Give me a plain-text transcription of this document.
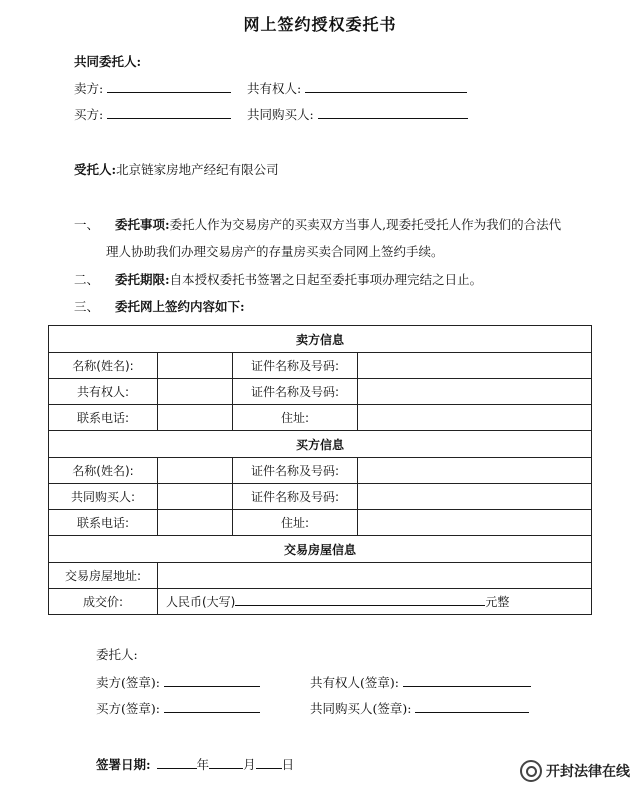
网上签约授权委托书
共同委托人:
卖方:	共有权人:
买方:	共同购买人:
受托人:北京链家房地产经纪有限公司
一、 委托事项:委托人作为交易房产的买卖双方当事人,现委托受托人作为我们的合法代
理人协助我们办理交易房产的存量房买卖合同网上签约手续。
二、 委托期限:自本授权委托书签署之日起至委托事项办理完结之日止。
三、 委托网上签约内容如下:
卖方信息			
名称(姓名):		证件名称及号码:	
共有权人:		证件名称及号码:	
联系电话:		住址:	
买方信息			
名称(姓名):		证件名称及号码:	
共同购买人:		证件名称及号码:	
联系电话:		住址:	
交易房屋信息			
交易房屋地址:			
成交价:	人民币(大写) 元整		
委托人:
卖方(签章):	共有权人(签章):
买方(签章):	共同购买人(签章):
签署日期:	年	月 日	开封法律在线
